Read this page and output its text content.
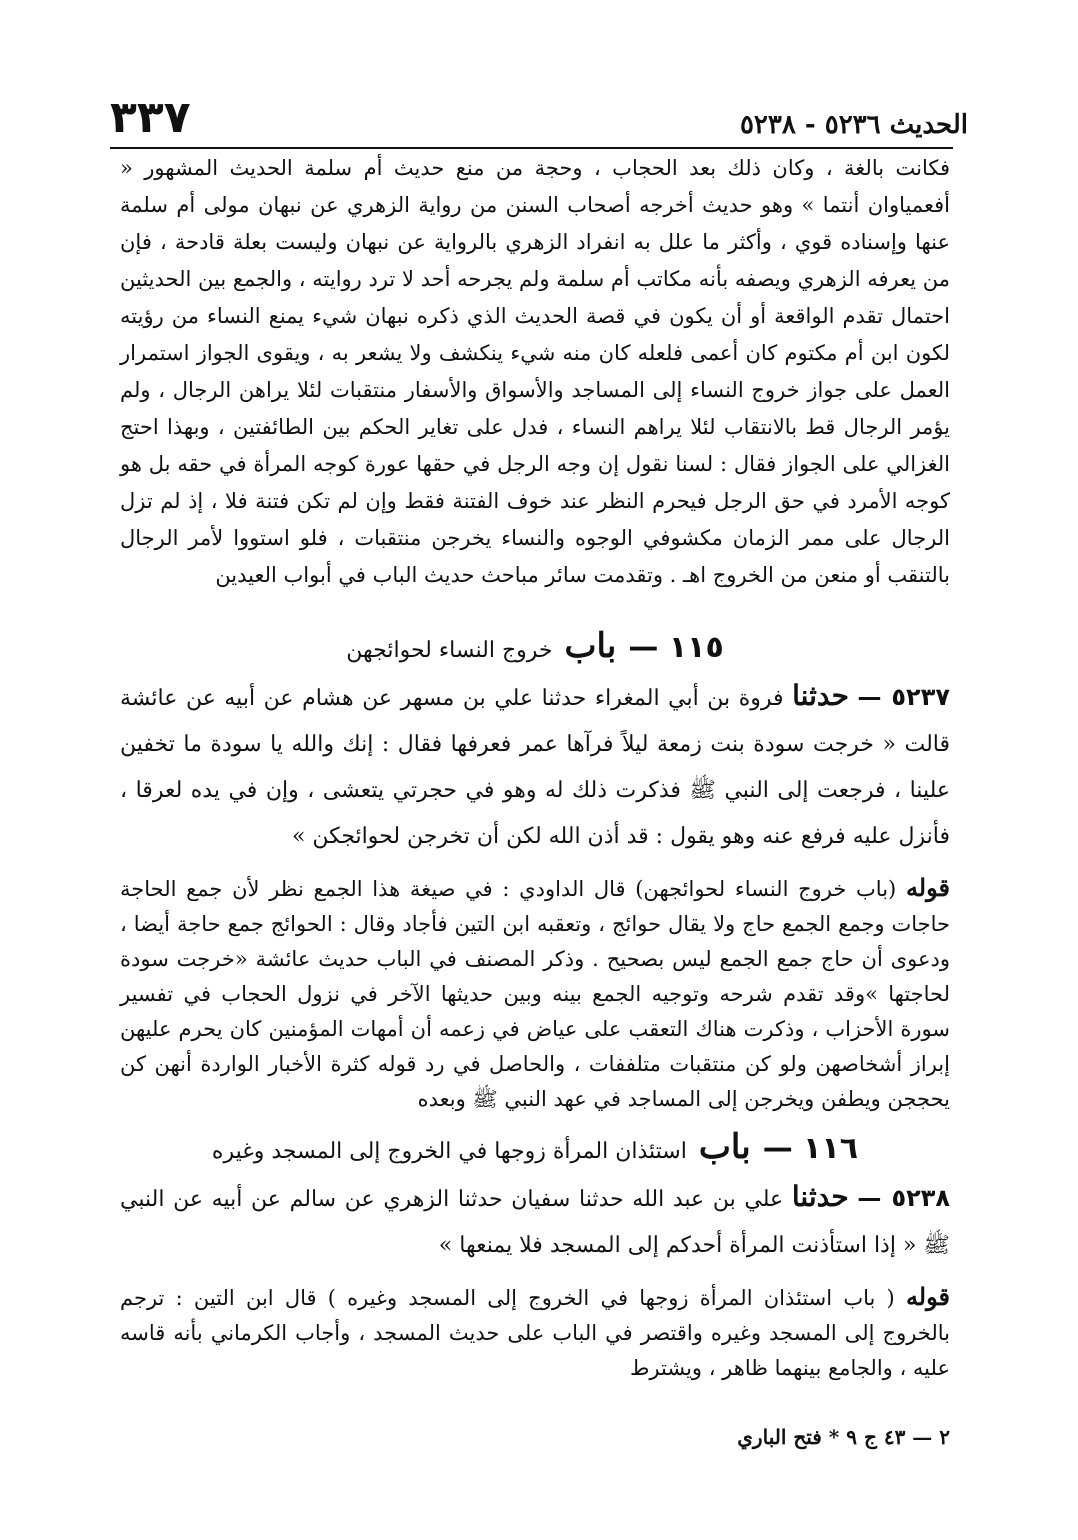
الحديث ٥٢٣٦ - ٥٢٣٨
٣٣٧

فكانت بالغة ، وكان ذلك بعد الحجاب ، وحجة من منع حديث أم سلمة الحديث المشهور « أفعمياوان أنتما » وهو حديث أخرجه أصحاب السنن من رواية الزهري عن نبهان مولى أم سلمة عنها وإسناده قوي ، وأكثر ما علل به انفراد الزهري بالرواية عن نبهان وليست بعلة قادحة ، فإن من يعرفه الزهري ويصفه بأنه مكاتب أم سلمة ولم يجرحه أحد لا ترد روايته ، والجمع بين الحديثين احتمال تقدم الواقعة أو أن يكون في قصة الحديث الذي ذكره نبهان شيء يمنع النساء من رؤيته لكون ابن أم مكتوم كان أعمى فلعله كان منه شيء ينكشف ولا يشعر به ، ويقوى الجواز استمرار العمل على جواز خروج النساء إلى المساجد والأسواق والأسفار منتقبات لئلا يراهن الرجال ، ولم يؤمر الرجال قط بالانتقاب لئلا يراهم النساء ، فدل على تغاير الحكم بين الطائفتين ، وبهذا احتج الغزالي على الجواز فقال : لسنا نقول إن وجه الرجل في حقها عورة كوجه المرأة في حقه بل هو كوجه الأمرد في حق الرجل فيحرم النظر عند خوف الفتنة فقط وإن لم تكن فتنة فلا ، إذ لم تزل الرجال على ممر الزمان مكشوفي الوجوه والنساء يخرجن منتقبات ، فلو استووا لأمر الرجال بالتنقب أو منعن من الخروج اهـ . وتقدمت سائر مباحث حديث الباب في أبواب العيدين

١١٥ —
باب
خروج النساء لحوائجهن

٥٢٣٧ — حدثنا فروة بن أبي المغراء حدثنا علي بن مسهر عن هشام عن أبيه عن عائشة قالت « خرجت سودة بنت زمعة ليلاً فرآها عمر فعرفها فقال : إنك والله يا سودة ما تخفين علينا ، فرجعت إلى النبي ﷺ فذكرت ذلك له وهو في حجرتي يتعشى ، وإن في يده لعرقا ، فأنزل عليه فرفع عنه وهو يقول : قد أذن الله لكن أن تخرجن لحوائجكن »

قوله (باب خروج النساء لحوائجهن) قال الداودي : في صيغة هذا الجمع نظر لأن جمع الحاجة حاجات وجمع الجمع حاج ولا يقال حوائج ، وتعقبه ابن التين فأجاد وقال : الحوائج جمع حاجة أيضا ، ودعوى أن حاج جمع الجمع ليس بصحيح . وذكر المصنف في الباب حديث عائشة «خرجت سودة لحاجتها »وقد تقدم شرحه وتوجيه الجمع بينه وبين حديثها الآخر في نزول الحجاب في تفسير سورة الأحزاب ، وذكرت هناك التعقب على عياض في زعمه أن أمهات المؤمنين كان يحرم عليهن إبراز أشخاصهن ولو كن منتقبات متلففات ، والحاصل في رد قوله كثرة الأخبار الواردة أنهن كن يحججن ويطفن ويخرجن إلى المساجد في عهد النبي ﷺ وبعده

١١٦ —
باب
استئذان المرأة زوجها في الخروج إلى المسجد وغيره

٥٢٣٨ — حدثنا علي بن عبد الله حدثنا سفيان حدثنا الزهري عن سالم عن أبيه عن النبي ﷺ « إذا استأذنت المرأة أحدكم إلى المسجد فلا يمنعها »

قوله ( باب استئذان المرأة زوجها في الخروج إلى المسجد وغيره ) قال ابن التين : ترجم بالخروج إلى المسجد وغيره واقتصر في الباب على حديث المسجد ، وأجاب الكرماني بأنه قاسه عليه ، والجامع بينهما ظاهر ، ويشترط

٢ — ٤٣ ج ٩ * فتح الباري
